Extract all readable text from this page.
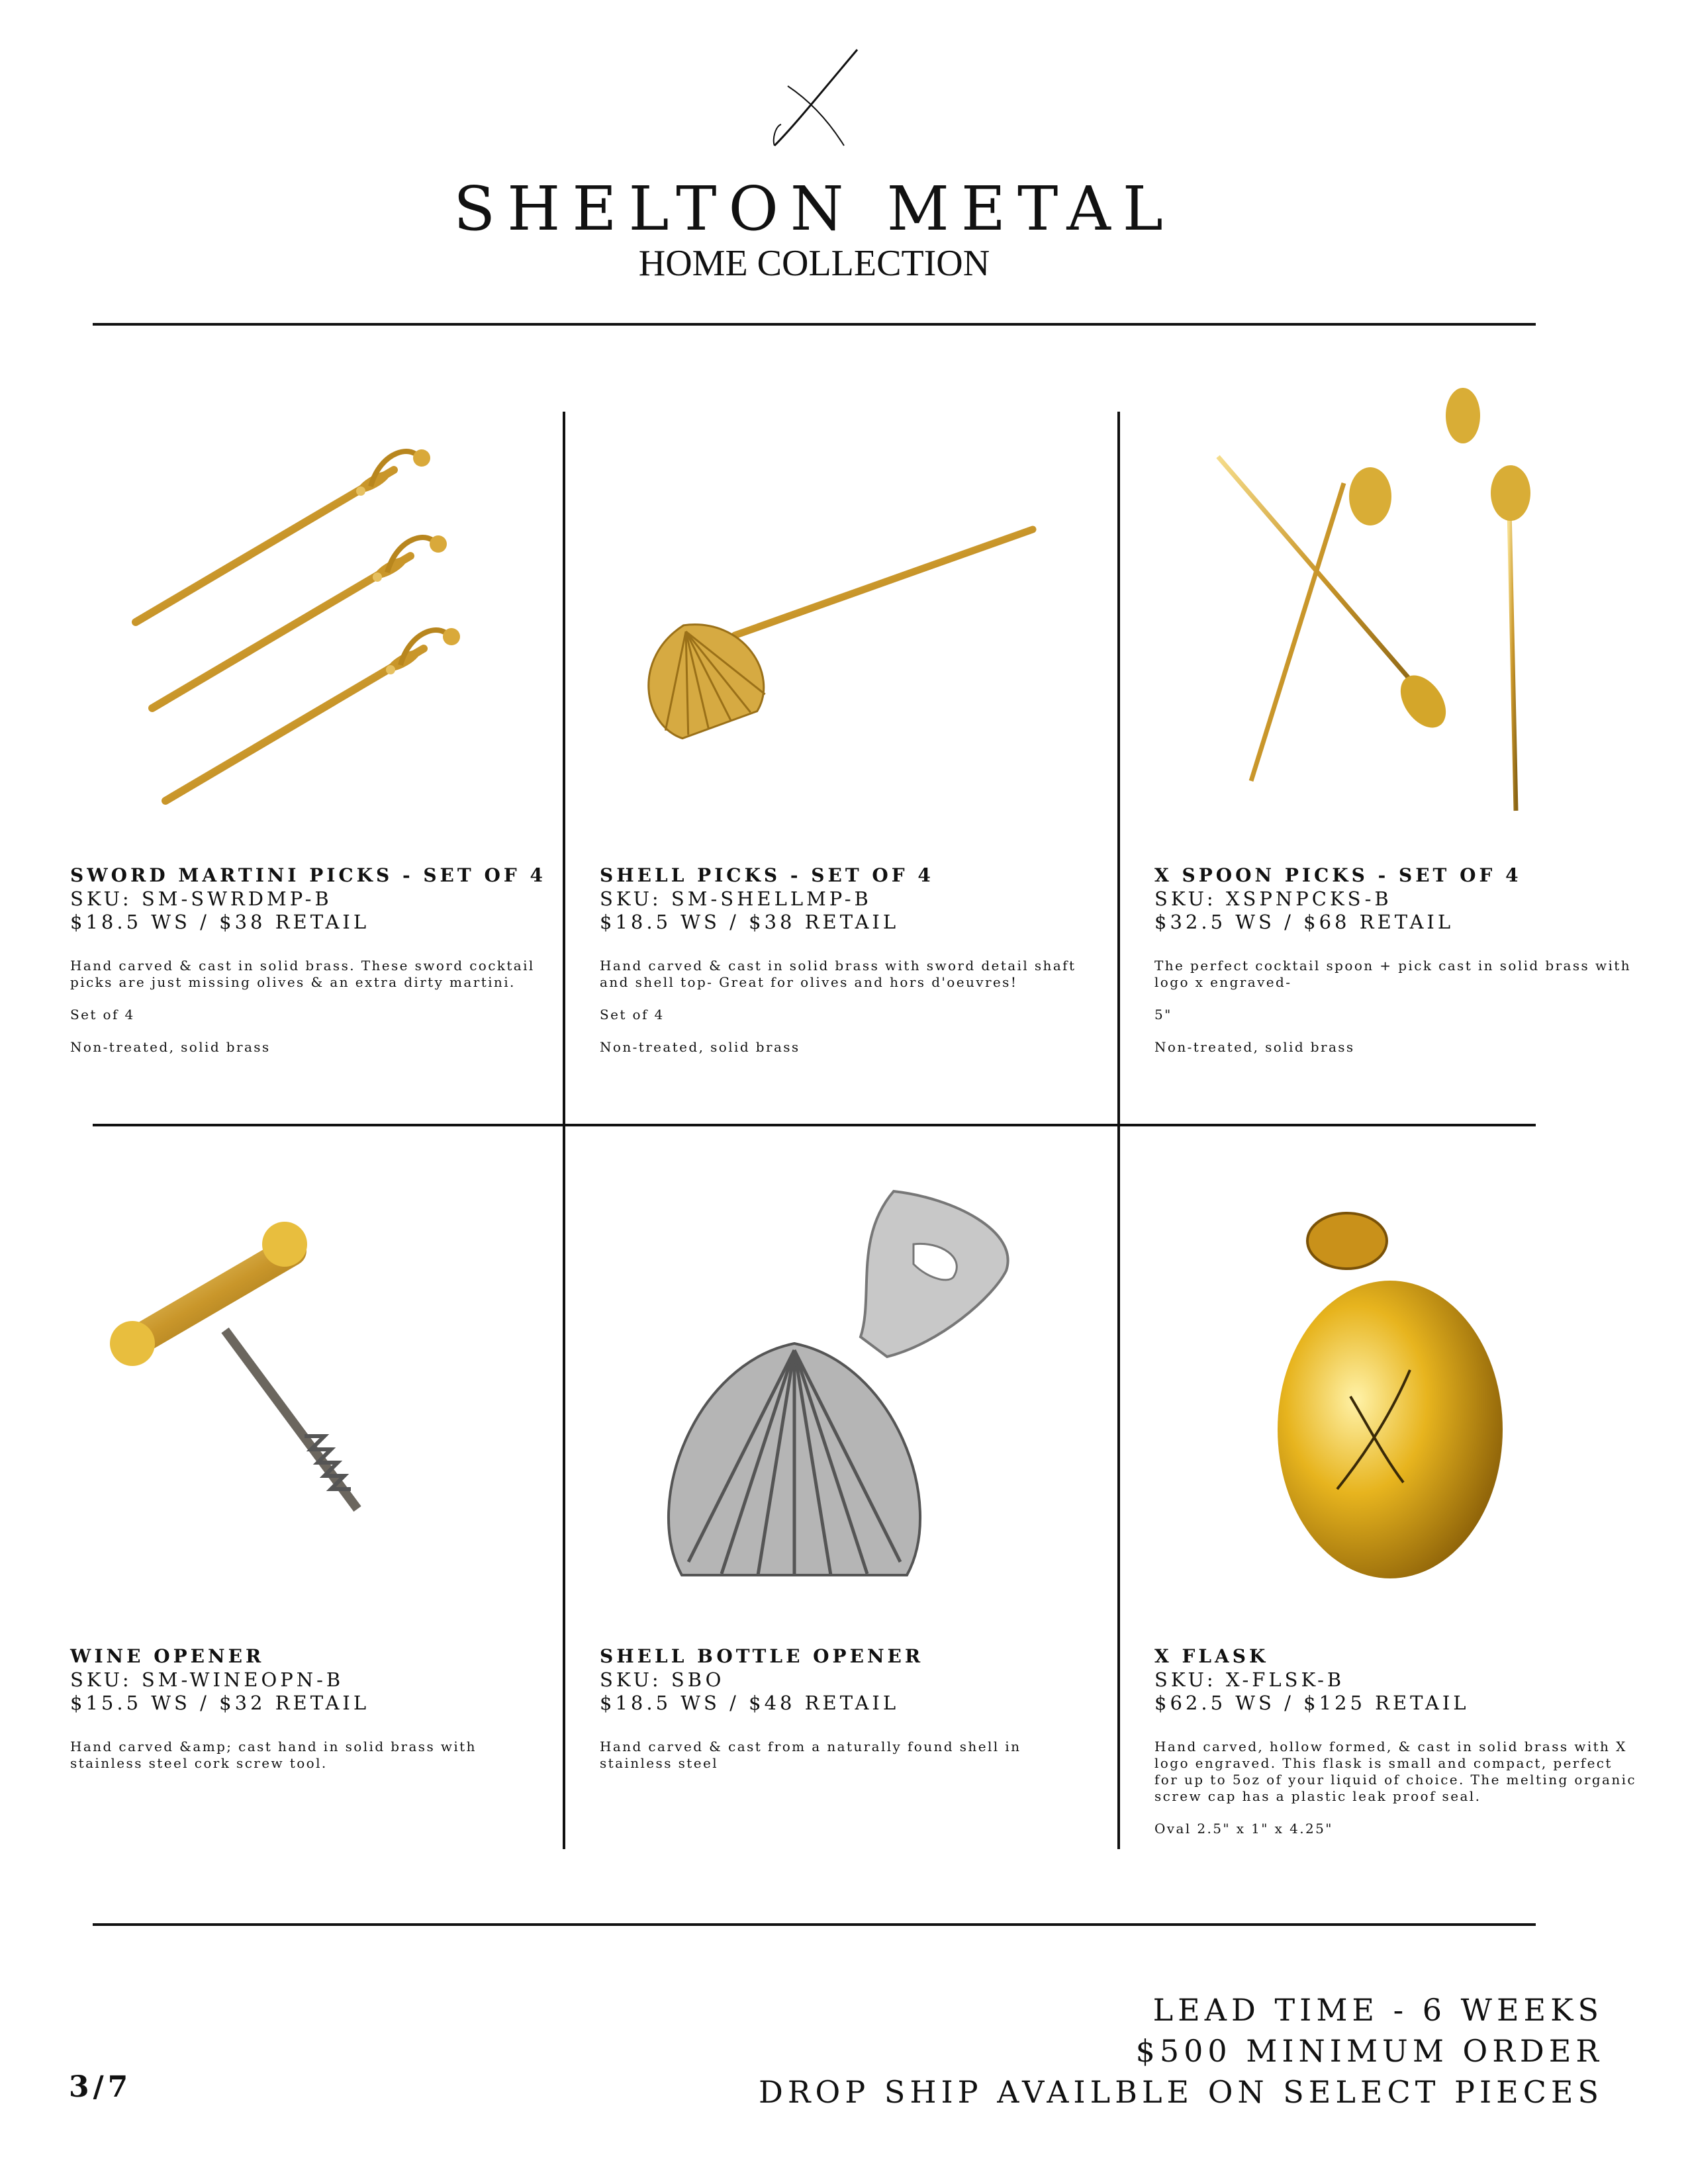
SHELTON METAL
HOME COLLECTION
SWORD MARTINI PICKS - SET OF 4
SKU: SM-SWRDMP-B
$18.5 WS / $38 RETAIL

Hand carved & cast in solid brass. These sword cocktail picks are just missing olives & an extra dirty martini.

Set of 4

Non-treated, solid brass

SHELL PICKS - SET OF 4
SKU: SM-SHELLMP-B
$18.5 WS / $38 RETAIL

Hand carved & cast in solid brass with sword detail shaft and shell top- Great for olives and hors d'oeuvres!

Set of 4

Non-treated, solid brass

X SPOON PICKS - SET OF 4
SKU: XSPNPCKS-B
$32.5 WS / $68 RETAIL

The perfect cocktail spoon + pick cast in solid brass with logo x engraved-

5"

Non-treated, solid brass

WINE OPENER
SKU: SM-WINEOPN-B
$15.5 WS / $32 RETAIL

Hand carved &amp; cast hand in solid brass with stainless steel cork screw tool.

SHELL BOTTLE OPENER
SKU: SBO
$18.5 WS / $48 RETAIL

Hand carved & cast from a naturally found shell in stainless steel

X FLASK
SKU: X-FLSK-B
$62.5 WS / $125 RETAIL

Hand carved, hollow formed, & cast in solid brass with X logo engraved. This flask is small and compact, perfect for up to 5oz of your liquid of choice. The melting organic screw cap has a plastic leak proof seal.

Oval 2.5" x 1" x 4.25"

LEAD TIME - 6 WEEKS
$500 MINIMUM ORDER
DROP SHIP AVAILBLE ON SELECT PIECES
3/7
